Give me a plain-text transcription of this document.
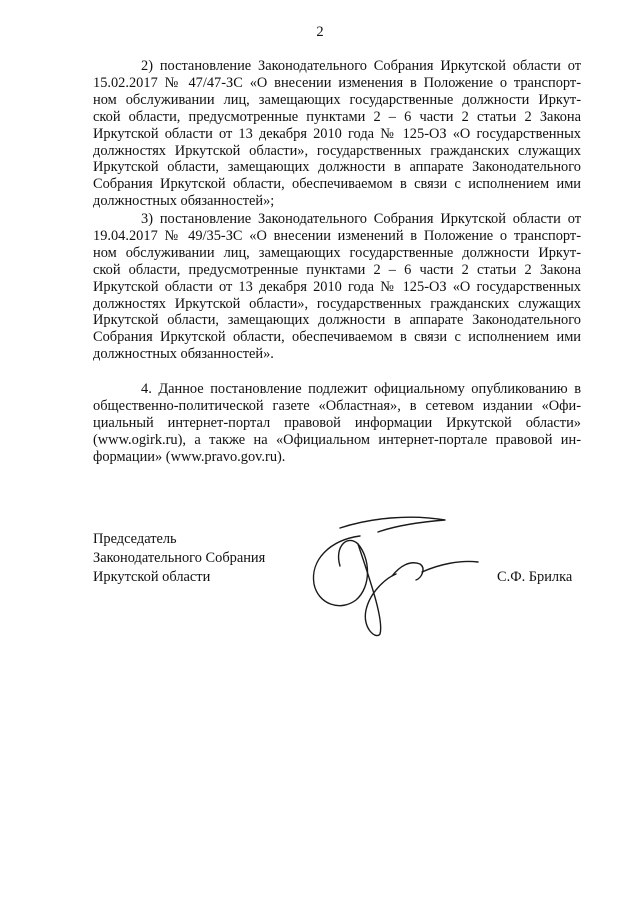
2
2) постановление Законодательного Собрания Иркутской области от
15.02.2017 № 47/47-ЗС «О внесении изменения в Положение о транспорт-
ном обслуживании лиц, замещающих государственные должности Иркут-
ской области, предусмотренные пунктами 2 – 6 части 2 статьи 2 Закона
Иркутской области от 13 декабря 2010 года № 125-ОЗ «О государственных
должностях Иркутской области», государственных гражданских служащих
Иркутской области, замещающих должности в аппарате Законодательного
Собрания Иркутской области, обеспечиваемом в связи с исполнением ими
должностных обязанностей»;
3) постановление Законодательного Собрания Иркутской области от
19.04.2017 № 49/35-ЗС «О внесении изменений в Положение о транспорт-
ном обслуживании лиц, замещающих государственные должности Иркут-
ской области, предусмотренные пунктами 2 – 6 части 2 статьи 2 Закона
Иркутской области от 13 декабря 2010 года № 125-ОЗ «О государственных
должностях Иркутской области», государственных гражданских служащих
Иркутской области, замещающих должности в аппарате Законодательного
Собрания Иркутской области, обеспечиваемом в связи с исполнением ими
должностных обязанностей».
4. Данное постановление подлежит официальному опубликованию в
общественно-политической газете «Областная», в сетевом издании «Офи-
циальный интернет-портал правовой информации Иркутской области»
(www.ogirk.ru), а также на «Официальном интернет-портале правовой ин-
формации» (www.pravo.gov.ru).
Председатель
Законодательного Собрания
Иркутской области	С.Ф. Брилка
